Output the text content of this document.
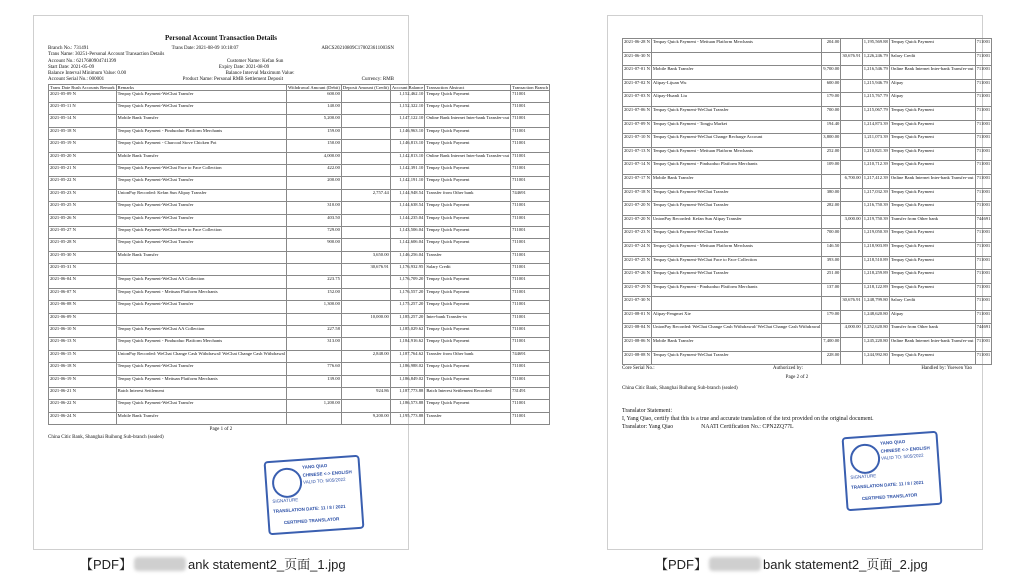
Personal Account Transaction Details
Branch No.: 731491	Trans Date: 2021-08-09 10:18:07	ABCS20210809C170023611003SN
Trans Name: 30251-Personal Account Transaction Details
Account No.: 6217680904741399	Customer Name: Kefan Sun
Start Date: 2021-05-09	Expiry Date: 2021-08-09
Balance Interval Minimum Value: 0.00	Balance Interval Maximum Value:
Account Serial No.: 000001	Product Name: Personal RMB Settlement Deposit	Currency: RMB
Trans Date Rush Accounts Remark	Remarks	Withdrawal Amount (Debit)	Deposit Amount (Credit)	Account Balance	Transaction Abstract	Transaction Branch
2021-05-09 N	Tenpay Quick Payment-WeChat Transfer	600.00		1,152,462.10	Tenpay Quick Payment	711001
2021-05-11 N	Tenpay Quick Payment-WeChat Transfer	140.00		1,152,322.10	Tenpay Quick Payment	711001
2021-05-14 N	Mobile Bank Transfer	5,200.00		1,147,122.10	Online Bank Internet Inter-bank Transfer-out	711001
2021-05-18 N	Tenpay Quick Payment - Pinduoduo Platform Merchants	159.00		1,146,963.10	Tenpay Quick Payment	711001
2021-05-19 N	Tenpay Quick Payment - Charcoal Stove Chicken Pot	150.00		1,146,813.10	Tenpay Quick Payment	711001
2021-05-20 N	Mobile Bank Transfer	4,000.00		1,142,813.10	Online Bank Internet Inter-bank Transfer-out	711001
2021-05-21 N	Tenpay Quick Payment-WeChat Face to Face Collection	422.00		1,142,391.10	Tenpay Quick Payment	711001
2021-05-22 N	Tenpay Quick Payment-WeChat Transfer	200.00		1,142,191.10	Tenpay Quick Payment	711001
2021-05-23 N	UnionPay Recorded: Kefan Sun Alipay Transfer		2,757.44	1,144,948.54	Transfer from Other bank	744691
2021-05-25 N	Tenpay Quick Payment-WeChat Transfer	310.00		1,144,638.54	Tenpay Quick Payment	711001
2021-05-26 N	Tenpay Quick Payment-WeChat Transfer	403.50		1,144,235.04	Tenpay Quick Payment	711001
2021-05-27 N	Tenpay Quick Payment-WeChat Face to Face Collection	729.00		1,143,506.04	Tenpay Quick Payment	711001
2021-05-28 N	Tenpay Quick Payment-WeChat Transfer	900.00		1,142,606.04	Tenpay Quick Payment	711001
2021-05-30 N	Mobile Bank Transfer		3,650.00	1,146,256.04	Transfer	711001
2021-05-31 N			30,676.91	1,176,932.95	Salary Credit	711001
2021-06-04 N	Tenpay Quick Payment-WeChat AA Collection	223.75		1,176,709.20	Tenpay Quick Payment	711001
2021-06-07 N	Tenpay Quick Payment - Meituan Platform Merchants	152.00		1,176,557.20	Tenpay Quick Payment	711001
2021-06-08 N	Tenpay Quick Payment-WeChat Transfer	1,300.00		1,175,257.20	Tenpay Quick Payment	711001
2021-06-09 N			10,000.00	1,185,257.20	Inter-bank Transfer-in	711001
2021-06-10 N	Tenpay Quick Payment-WeChat AA Collection	227.58		1,185,029.62	Tenpay Quick Payment	711001
2021-06-13 N	Tenpay Quick Payment - Pinduoduo Platform Merchants	313.00		1,184,916.62	Tenpay Quick Payment	711001
2021-06-15 N	UnionPay Recorded: WeChat Change Cash Withdrawal/ WeChat Change Cash Withdrawal		2,848.00	1,187,764.62	Transfer from Other bank	744691
2021-06-18 N	Tenpay Quick Payment-WeChat Transfer	776.60		1,186,988.02	Tenpay Quick Payment	711001
2021-06-19 N	Tenpay Quick Payment - Meituan Platform Merchants	139.00		1,186,849.02	Tenpay Quick Payment	711001
2021-06-21 N	Batch Interest Settlement		924.86	1,187,773.88	Batch Interest Settlement Recorded	731491
2021-06-22 N	Tenpay Quick Payment-WeChat Transfer	1,200.00		1,186,573.88	Tenpay Quick Payment	711001
2021-06-24 N	Mobile Bank Transfer		9,200.00	1,195,773.88	Transfer	711001
Page 1 of 2
China Citic Bank, Shanghai Ruihong Sub-branch (sealed)
YANG QIAO
CHINESE <-> ENGLISH
VALID TO: 5/05/2022
SIGNATURE
TRANSLATION DATE: 11 / 8 / 2021
CERTIFIED TRANSLATOR
【PDF】	ank statement2_页面_1.jpg
2021-06-28 N	Tenpay Quick Payment - Meituan Platform Merchants	204.00		1,195,569.88	Tenpay Quick Payment	711001
2021-06-30 N			30,676.91	1,226,246.79	Salary Credit	711001
2021-07-01 N	Mobile Bank Transfer	9,700.00		1,216,546.79	Online Bank Internet Inter-bank Transfer-out	711001
2021-07-02 N	Alipay-Lijuan Wu	600.00		1,215,946.79	Alipay	711001
2021-07-03 N	Alipay-Huanli Liu	179.00		1,215,767.79	Alipay	711001
2021-07-06 N	Tenpay Quick Payment-WeChat Transfer	700.00		1,215,067.79	Tenpay Quick Payment	711001
2021-07-09 N	Tenpay Quick Payment - Tongju Market	194.40		1,214,873.39	Tenpay Quick Payment	711001
2021-07-10 N	Tenpay Quick Payment-WeChat Change Recharge Account	3,800.00		1,211,073.39	Tenpay Quick Payment	711001
2021-07-13 N	Tenpay Quick Payment - Meituan Platform Merchants	252.00		1,210,821.39	Tenpay Quick Payment	711001
2021-07-14 N	Tenpay Quick Payment - Pinduoduo Platform Merchants	109.00		1,210,712.39	Tenpay Quick Payment	711001
2021-07-17 N	Mobile Bank Transfer		6,700.00	1,217,412.39	Online Bank Internet Inter-bank Transfer-out	711001
2021-07-18 N	Tenpay Quick Payment-WeChat Transfer	380.00		1,217,032.39	Tenpay Quick Payment	711001
2021-07-20 N	Tenpay Quick Payment-WeChat Transfer	282.00		1,216,750.39	Tenpay Quick Payment	711001
2021-07-20 N	UnionPay Recorded: Kefan Sun Alipay Transfer		3,000.00	1,219,750.39	Transfer from Other bank	744691
2021-07-23 N	Tenpay Quick Payment-WeChat Transfer	700.00		1,219,050.39	Tenpay Quick Payment	711001
2021-07-24 N	Tenpay Quick Payment - Meituan Platform Merchants	146.50		1,218,903.89	Tenpay Quick Payment	711001
2021-07-25 N	Tenpay Quick Payment-WeChat Face to Face Collection	393.00		1,218,510.89	Tenpay Quick Payment	711001
2021-07-26 N	Tenpay Quick Payment-WeChat Transfer	251.00		1,218,259.89	Tenpay Quick Payment	711001
2021-07-29 N	Tenpay Quick Payment - Pinduoduo Platform Merchants	137.00		1,218,122.89	Tenpay Quick Payment	711001
2021-07-30 N			30,676.91	1,248,799.80	Salary Credit	711001
2021-08-01 N	Alipay-Fengmei Xie	179.00		1,248,620.80	Alipay	711001
2021-08-04 N	UnionPay Recorded: WeChat Change Cash Withdrawal/ WeChat Change Cash Withdrawal		4,000.00	1,252,620.80	Transfer from Other bank	744691
2021-08-06 N	Mobile Bank Transfer	7,400.00		1,245,220.80	Online Bank Internet Inter-bank Transfer-out	711001
2021-08-08 N	Tenpay Quick Payment-WeChat Transfer	228.00		1,244,992.80	Tenpay Quick Payment	711001
Core Serial No.:	Authorized by:	Handled by: Yuewen Yao
Page 2 of 2
China Citic Bank, Shanghai Ruihong Sub-branch (sealed)
Translator Statement：
I, Yang Qiao, certify that this is a true and accurate translation of the text provided on the original document.
Translator: Yang Qiao	NAATI Certification No.: CPN2ZQ77L
YANG QIAO
CHINESE <-> ENGLISH
VALID TO: 5/05/2022
SIGNATURE
TRANSLATION DATE: 11 / 8 / 2021
CERTIFIED TRANSLATOR
【PDF】	bank statement2_页面_2.jpg
